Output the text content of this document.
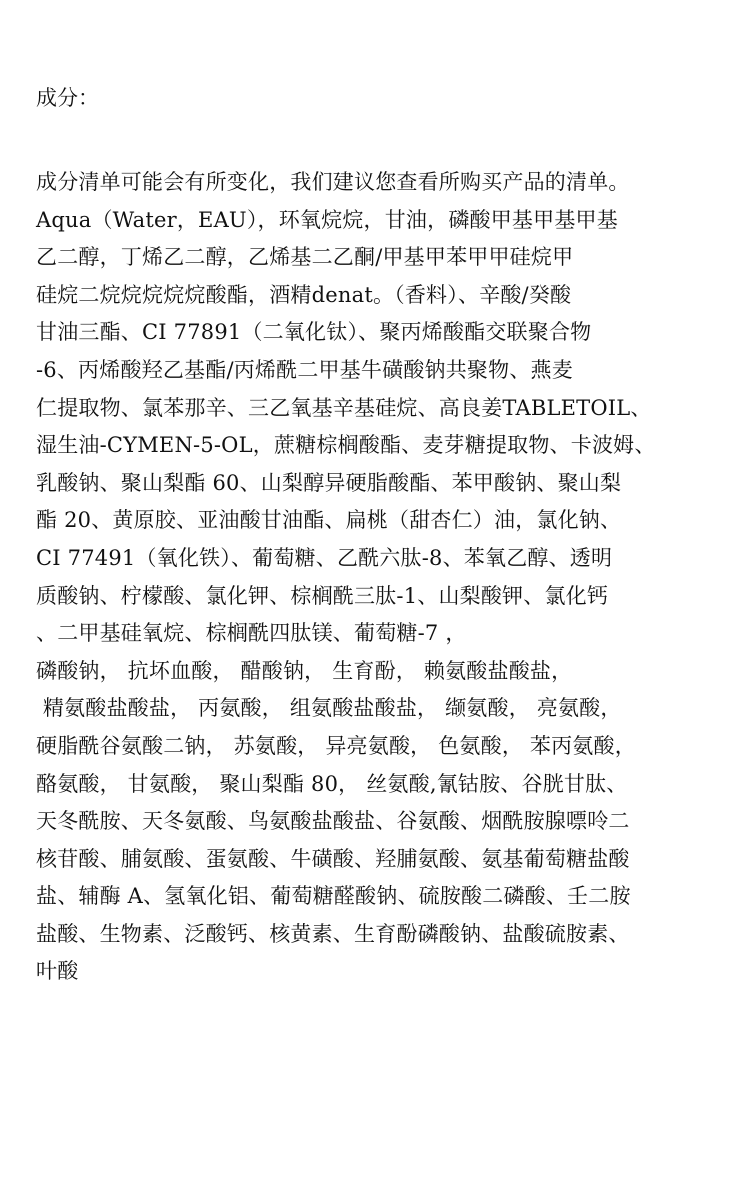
成分：
成分清单可能会有所变化，我们建议您查看所购买产品的清单。
Aqua（Water，EAU），环氧烷烷，甘油，磷酸甲基甲基甲基
乙二醇，丁烯乙二醇，乙烯基二乙酮/甲基甲苯甲甲硅烷甲
硅烷二烷烷烷烷烷酸酯，酒精denat。（香料）、辛酸/癸酸
甘油三酯、CI 77891（二氧化钛）、聚丙烯酸酯交联聚合物
-6、丙烯酸羟乙基酯/丙烯酰二甲基牛磺酸钠共聚物、燕麦
仁提取物、氯苯那辛、三乙氧基辛基硅烷、高良姜TABLETOIL、
湿生油-CYMEN-5-OL，蔗糖棕榈酸酯、麦芽糖提取物、卡波姆、
乳酸钠、聚山梨酯 60、山梨醇异硬脂酸酯、苯甲酸钠、聚山梨
酯 20、黄原胶、亚油酸甘油酯、扁桃（甜杏仁）油，氯化钠、
CI 77491（氧化铁）、葡萄糖、乙酰六肽-8、苯氧乙醇、透明
质酸钠、柠檬酸、氯化钾、棕榈酰三肽-1、山梨酸钾、氯化钙
、二甲基硅氧烷、棕榈酰四肽镁、葡萄糖-7 ，
磷酸钠， 抗坏血酸， 醋酸钠， 生育酚， 赖氨酸盐酸盐，
精氨酸盐酸盐， 丙氨酸， 组氨酸盐酸盐， 缬氨酸， 亮氨酸，
硬脂酰谷氨酸二钠， 苏氨酸， 异亮氨酸， 色氨酸， 苯丙氨酸，
酪氨酸， 甘氨酸， 聚山梨酯 80， 丝氨酸,氰钴胺、谷胱甘肽、
天冬酰胺、天冬氨酸、鸟氨酸盐酸盐、谷氨酸、烟酰胺腺嘌呤二
核苷酸、脯氨酸、蛋氨酸、牛磺酸、羟脯氨酸、氨基葡萄糖盐酸
盐、辅酶 A、氢氧化铝、葡萄糖醛酸钠、硫胺酸二磷酸、壬二胺
盐酸、生物素、泛酸钙、核黄素、生育酚磷酸钠、盐酸硫胺素、
叶酸
